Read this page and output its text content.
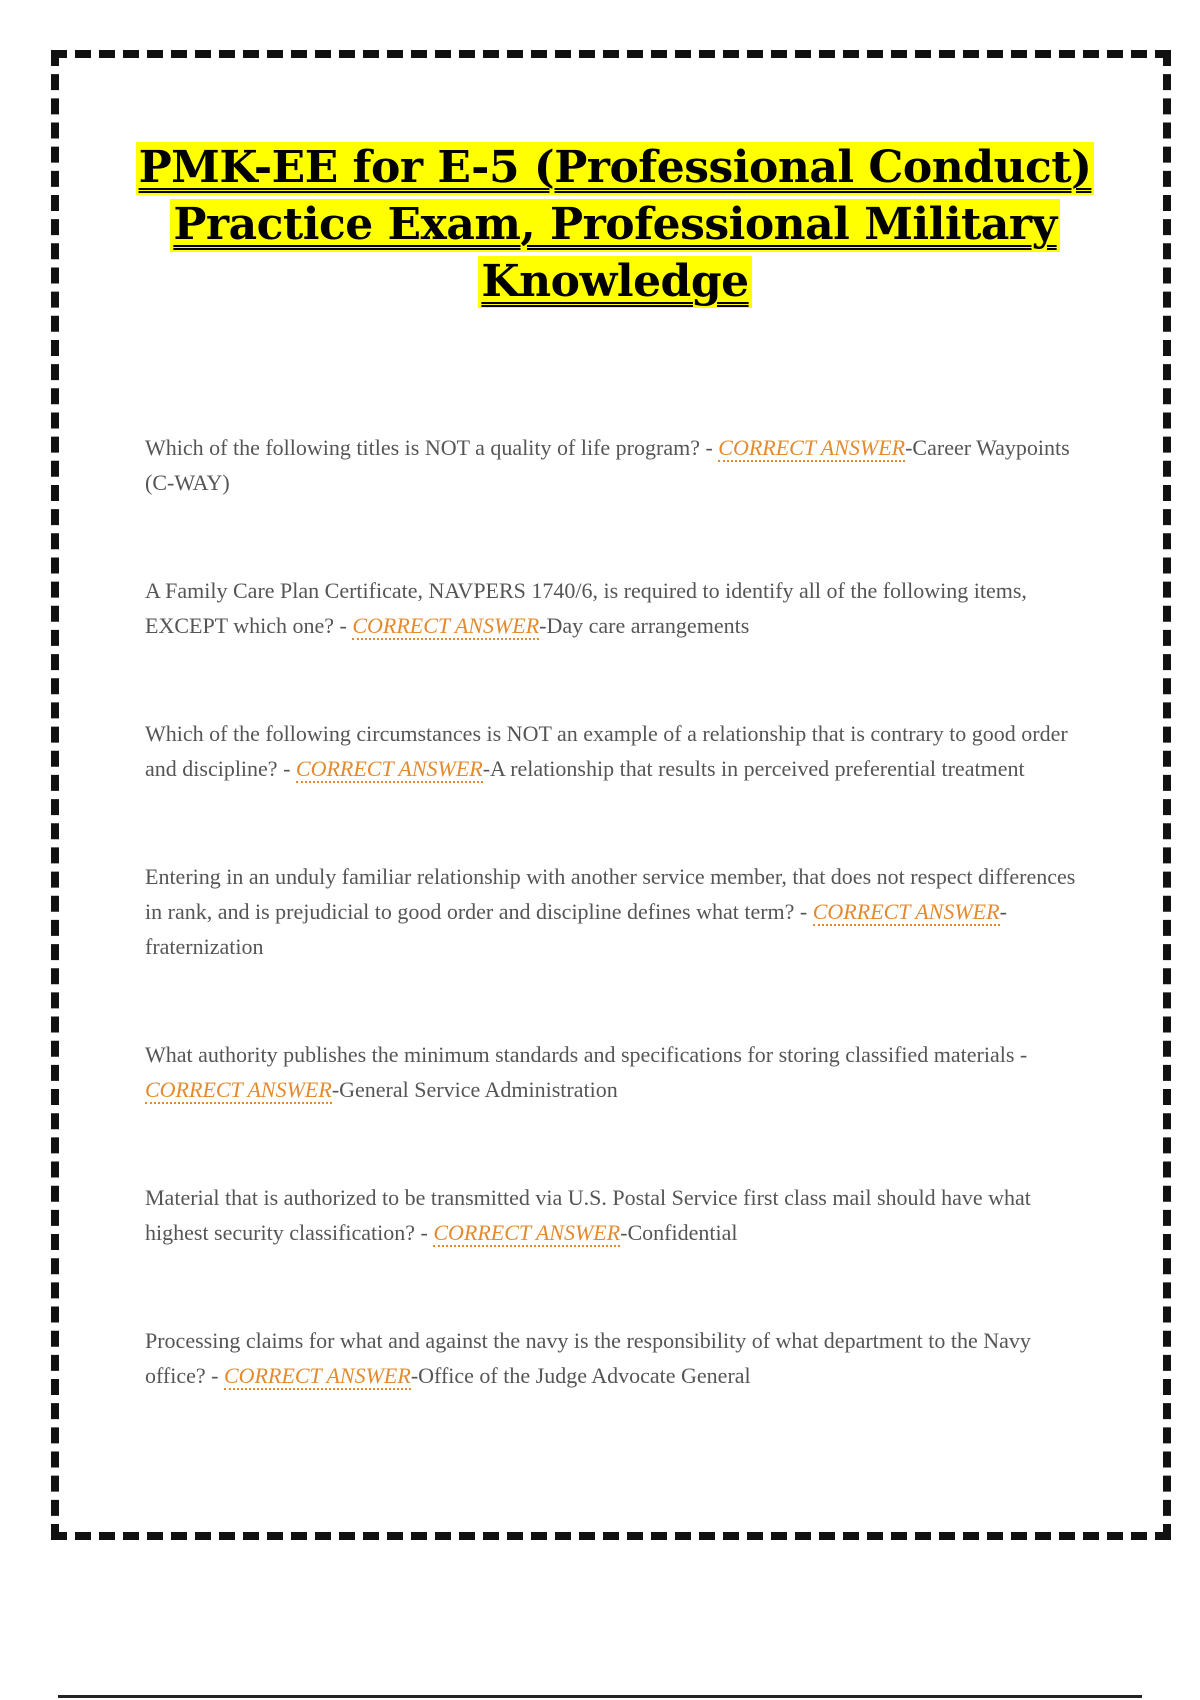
PMK-EE for E-5 (Professional Conduct)
Practice Exam, Professional Military
Knowledge

Which of the following titles is NOT a quality of life program? - CORRECT ANSWER-Career Waypoints (C-WAY)

A Family Care Plan Certificate, NAVPERS 1740/6, is required to identify all of the following items, EXCEPT which one? - CORRECT ANSWER-Day care arrangements

Which of the following circumstances is NOT an example of a relationship that is contrary to good order and discipline? - CORRECT ANSWER-A relationship that results in perceived preferential treatment

Entering in an unduly familiar relationship with another service member, that does not respect differences in rank, and is prejudicial to good order and discipline defines what term? - CORRECT ANSWER-fraternization

What authority publishes the minimum standards and specifications for storing classified materials - CORRECT ANSWER-General Service Administration

Material that is authorized to be transmitted via U.S. Postal Service first class mail should have what highest security classification? - CORRECT ANSWER-Confidential

Processing claims for what and against the navy is the responsibility of what department to the Navy office? - CORRECT ANSWER-Office of the Judge Advocate General
